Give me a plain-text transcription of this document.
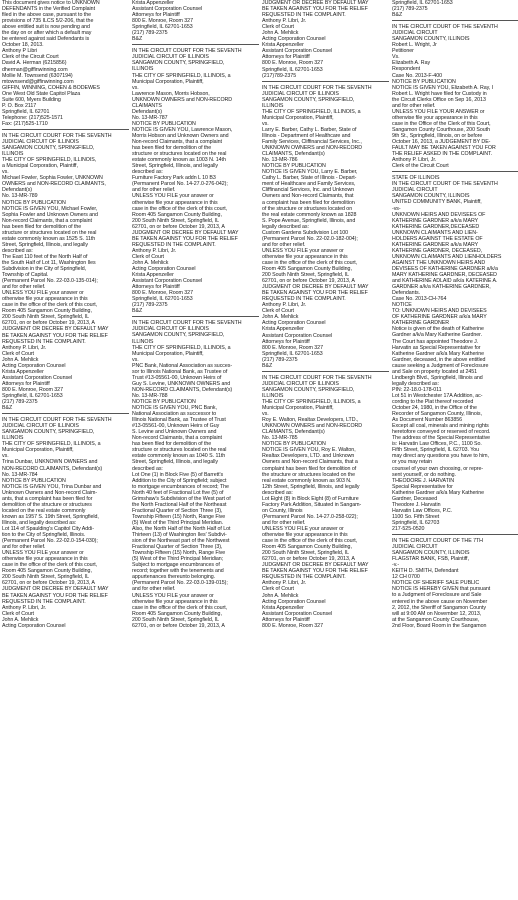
This document gives notice to UNKNOWN
DEFENDANTS in the Verified Complaint
filed in the above case, pursuant to the
provisions of 735 ILCS 5/2-206, that the
above entitled suit is now pending and
the day on or after which a default may
be entered against said Defendants is
October 18, 2013.
Anthony P Libri
Clerk of the Circuit Court
David A. Herman (6215856)
dherman@giffinwinning.com
Mollie M. Townsend (6307194)
mtownsend@giffinwinning.com
GIFFIN, WINNING, COHEN & BODEWES
One West Old State Capitol Plaza
Suite 600, Myers Building
P. O. Box 2117
Springfield, IL 62701
Telephone: (217)525-1571
Fax: (217)525-1710
IN THE CIRCUIT COURT FOR THE SEVENTH
JUDICIAL CIRCUIT OF ILLINOIS
SANGAMON COUNTY, SPRINGFIELD,
ILLINOIS
THE CITY OF SPRINGFIELD, ILLINOIS,
a Municipal Corporation, Plaintiff,
vs.
Michael Fowler, Sophia Fowler, UNKNOWN
OWNERS and NON-RECORD CLAIMANTS,
Defendant(s)
No. 13-MR-789
NOTICE BY PUBLICATION
NOTICE IS GIVEN YOU, Michael Fowler,
Sophia Fowler and Unknown Owners and
Non-record Claimants, that a complaint
has been filed for demolition of the
structure or structures located on the real
estate commonly known as 1525 S. 11th
Street, Springfield, Illinois, and legally
described as:
The East 110 feet of the North Half of
the South Half of Lot 11, Washington Iles
Subdivision in the City of Springfield,
Township of Capital.
(Permanent Parcel No. 22-03.0-135-014);
and for other relief.
UNLESS YOU FILE your answer or
otherwise file your appearance in this
case in the office of the clerk of this court,
Room 405 Sangamon County Building,
200 South Ninth Street, Springfield, IL
62701, on or before October 19, 2013, A
JUDGMENT OR DECREE BY DEFAULT MAY
BE TAKEN AGAINST YOU FOR THE RELIEF
REQUESTED IN THE COMPLAINT.
Anthony P. Libri, Jr.
Clerk of Court
John A. Mehlick
Acting Corporation Counsel
Krista Appenzeller
Assistant Corporation Counsel
Attorneys for Plaintiff
800 E. Monroe, Room 327
Springfield, IL 62701-1653
(217) 789-2375
B&Z
IN THE CIRCUIT COURT FOR THE SEVENTH
JUDICIAL CIRCUIT OF ILLINOIS
SANGAMON COUNTY, SPRINGFIELD,
ILLINOIS
THE CITY OF SPRINGFIELD, ILLINOIS, a
Municipal Corporation, Plaintiff,
vs.
Trina Dunbar, UNKNOWN OWNERS and
NON-RECORD CLAIMANTS, Defendant(s)
No. 13-MR-784
NOTICE BY PUBLICATION
NOTICE IS GIVEN YOU, Trina Dunbar and
Unknown Owners and Non-record Claim-
ants, that a complaint has been filed for
demolition of the structure or structures
located on the real estate commonly
known as 1957 S. 19th Street, Springfield,
Illinois, and legally described as:
Lot 114 of Spaulding's Capitol City Addi-
tion to the City of Springfield, Illinois.
(Permanent Parcel No. 22-02.0-154-030);
and for other relief.
UNLESS YOU FILE your answer or
otherwise file your appearance in this
case in the office of the clerk of this court,
Room 405 Sangamon County Building,
200 South Ninth Street, Springfield, IL
62701, on or before October 19, 2013, A
JUDGMENT OR DECREE BY DEFAULT MAY
BE TAKEN AGAINST YOU FOR THE RELIEF
REQUESTED IN THE COMPLAINT.
Anthony P. Libri, Jr.
Clerk of Court
John A. Mehlick
Acting Corporation Counsel
Krista Appenzeller
Assistant Corporation Counsel
Attorneys for Plaintiff
800 E. Monroe, Room 327
Springfield, IL 62701-1653
(217) 789-2375
B&Z
IN THE CIRCUIT COURT FOR THE SEVENTH
JUDICIAL CIRCUIT OF ILLINOIS
SANGAMON COUNTY, SPRINGFIELD,
ILLINOIS
THE CITY OF SPRINGFIELD, ILLINOIS, a
Municipal Corporation, Plaintiff,
vs.
Lawrence Mason, Morris Hobson,
UNKNOWN OWNERS and NON-RECORD
CLAIMANTS
Defendant(s)
No. 13-MR-787
NOTICE BY PUBLICATION
NOTICE IS GIVEN YOU, Lawrence Mason,
Morris Hobson and Unknown Owners and
Non-record Claimants, that a complaint
has been filed for demolition of the
structure or structures located on the real
estate commonly known as 1003 N. 14th
Street, Springfield, Illinois, and legally
described as:
Furniture Factory Park addn L 10 B3
(Permanent Parcel No. 14-27.0-276-042);
and for other relief.
UNLESS YOU FILE your answer or
otherwise file your appearance in this
case in the office of the clerk of this court,
Room 405 Sangamon County Building,
200 South Ninth Street, Springfield, IL
62701, on or before October 19, 2013, A
JUDGMENT OR DECREE BY DEFAULT MAY
BE TAKEN AGAINST YOU FOR THE RELIEF
REQUESTED IN THE COMPLAINT.
Anthony P. Libri, Jr.
Clerk of Court
John A. Mehlick
Acting Corporation Counsel
Krista Appenzeller
Assistant Corporation Counsel
Attorneys for Plaintiff
800 E. Monroe, Room 327
Springfield, IL 62701-1653
(217) 789-2375
B&Z
IN THE CIRCUIT COURT FOR THE SEVENTH
JUDICIAL CIRCUIT OF ILLINOIS
SANGAMON COUNTY, SPRINGFIELD,
ILLINOIS
THE CITY OF SPRINGFIELD, ILLINOIS, a
Municipal Corporation, Plaintiff,
vs.
PNC Bank, National Association as succes-
sor to Illinois National Bank, as Trustee of
Trust #13-05561-00, Unknown Heirs of
Guy S. Levine, UNKNOWN OWNERS and
NON-RECORD CLAIMANTS, Defendant(s)
No. 13-MR-788
NOTICE BY PUBLICATION
NOTICE IS GIVEN YOU, PNC Bank,
National Association as successor to
Illinois National Bank, as Trustee of Trust
#13-05561-00, Unknown Heirs of Guy
S. Levine and Unknown Owners and
Non-record Claimants, that a complaint
has been filed for demolition of the
structure or structures located on the real
estate commonly known as 1040 S. 11th
Street, Springfield, Illinois, and legally
described as:
Lot One (1) in Block Five (5) of Barrett's
Addition to the City of Springfield; subject
to mortgage encumbrances of record; The
North 40 feet of Fractional Lot five (5) of
Grimshaw's Subdivision of the West part of
the North Fractional Half of the Northeast
Fractional Quarter of Section Three (3),
Township Fifteen (15) North, Range Five
(5) West of the Third Principal Meridian.
Also, the North Half of the North Half of Lot
Thirteen (13) of Washington Iles' Subdivi-
sion of the Northeast part of the Northwest
Fractional Quarter of Section Three (3),
Township Fifteen (15) North, Range Five
(5) West of the Third Principal Meridian;
Subject to mortgage encumbrances of
record; together with the tenements and
appurtenances thereunto belonging.
(Permanent Parcel No. 22-03.0-139-015);
and for other relief.
UNLESS YOU FILE your answer or
otherwise file your appearance in this
case in the office of the clerk of this court,
Room 405 Sangamon County Building,
200 South Ninth Street, Springfield, IL
62701, on or before October 19, 2013, A
JUDGMENT OR DECREE BY DEFAULT MAY
BE TAKEN AGAINST YOU FOR THE RELIEF
REQUESTED IN THE COMPLAINT.
Anthony P. Libri, Jr.
Clerk of Court
John A. Mehlick
Acting Corporation Counsel
Krista Appenzeller
Assistant Corporation Counsel
Attorneys for Plaintiff
800 E. Monroe, Room 327
Springfield, IL 62701-1653
(217)789-2375
IN THE CIRCUIT COURT FOR THE SEVENTH
JUDICIAL CIRCUIT OF ILLINOIS
SANGAMON COUNTY, SPRINGFIELD,
ILLINOIS
THE CITY OF SPRINGFIELD, ILLINOIS, a
Municipal Corporation, Plaintiff,
vs.
Larry E. Barber, Cathy L. Barber, State of
Illinois - Department of Healthcare and
Family Services, Cliffinancial Services, Inc.,
UNKNOWN OWNERS and NON-RECORD
CLAIMANTS, Defendant(s)
No. 13-MR-786
NOTICE BY PUBLICATION
NOTICE IS GIVEN YOU, Larry E. Barber,
Cathy L. Barber, State of Illinois - Depart-
ment of Healthcare and Family Services,
Cliffinancial Services, Inc. and Unknown
Owners and Non-record Claimants, that
a complaint has been filed for demolition
of the structure or structures located on
the real estate commonly known as 1828
S. Pope Avenue, Springfield, Illinois, and
legally described as:
Custom Gardens Subdivision Lot 100
(Permanent Parcel No. 22-02.0-182-004);
and for other relief.
UNLESS YOU FILE your answer or
otherwise file your appearance in this
case in the office of the clerk of this court,
Room 405 Sangamon County Building,
200 South Ninth Street, Springfield, IL
62701, on or before October 19, 2013, A
JUDGMENT OR DECREE BY DEFAULT MAY
BE TAKEN AGAINST YOU FOR THE RELIEF
REQUESTED IN THE COMPLAINT.
Anthony P. Libri, Jr.
Clerk of Court
John A. Mehlick
Acting Corporation Counsel
Krista Appenzeller
Assistant Corporation Counsel
Attorneys for Plaintiff
800 E. Monroe, Room 327
Springfield, IL 62701-1653
(217) 789-2375
B&Z
IN THE CIRCUIT COURT FOR THE SEVENTH
JUDICIAL CIRCUIT OF ILLINOIS
SANGAMON COUNTY, SPRINGFIELD,
ILLINOIS
THE CITY OF SPRINGFIELD, ILLINOIS, a
Municipal Corporation, Plaintiff,
vs.
Roy E. Walton, Realtax Developers, LTD.,
UNKNOWN OWNERS and NON-RECORD
CLAIMANTS, Defendant(s)
No. 13-MR-785
NOTICE BY PUBLICATION
NOTICE IS GIVEN YOU, Roy E. Walton,
Realtax Developers, LTD. and Unknown
Owners and Non-record Claimants, that a
complaint has been filed for demolition of
the structure or structures located on the
real estate commonly known as 903 N.
12th Street, Springfield, Illinois, and legally
described as:
Lot Eight (8) in Block Eight (8) of Furniture
Factory Park Addition, Situated in Sangam-
on County, Illinois
(Permanent Parcel No. 14-27.0-258-022);
and for other relief.
UNLESS YOU FILE your answer or
otherwise file your appearance in this
case in the office of the clerk of this court,
Room 405 Sangamon County Building,
200 South Ninth Street, Springfield, IL
62701, on or before October 19, 2013, A
JUDGMENT OR DECREE BY DEFAULT MAY
BE TAKEN AGAINST YOU FOR THE RELIEF
REQUESTED IN THE COMPLAINT.
Anthony P. Libri, Jr.
Clerk of Court
John A. Mehlick
Acting Corporation Counsel
Krista Appenzeller
Assistant Corporation Counsel
Attorneys for Plaintiff
800 E. Monroe, Room 327
Springfield, IL 62701-1653
(217) 789-2375
B&Z
IN THE CIRCUIT COURT OF THE SEVENTH
JUDICIAL CIRCUIT
SANGAMON COUNTY, ILLINOIS
Robert L. Wright, Jr
Petitioner
Vs.
Elizabeth A. Ray
Respondent
Case No. 2013-F-400
NOTICE BY PUBLICATION
NOTICE IS GIVEN YOU, Elizabeth A. Ray, I
Robert L. Wright have filed for Custody in
the Circuit Clerks Office on Sep 16, 2013
and for other relief.
UNLESS YOU FILE YOUR ANSWER or
otherwise file your appearance in this
case in the Office of the Clerk of this Court,
Sangamon County Courthouse, 200 South
9th St., Springfield, Illinois, on or before
October 16, 2013, a JUDGEMENT BY DE-
FAULT MAY BE TAKEN AGAINST YOU FOR
THE RELIEF ASKED IN THE COMPLAINT.
Anthony P. Libri, Jr.
Clerk of the Circuit Court
STATE OF ILLINOIS
IN THE CIRCUIT COURT OF THE SEVENTH
JUDICIAL CIRCUIT
SANGAMON COUNTY, ILLINOIS
UNITED COMMUNITY BANK, Plaintiff,
-vs-
UNKNOWN HEIRS AND DEVISEES OF
KATHERINE GARDNER a/k/a MARY
KATHERINE GARDNER,DECEASED
UNKNOWN CLAIMANTS AND LIEN-
HOLDERS AGAINST THE ESTATE OF
KATHERINE GARDNER a/k/a MARY
KATHERINE GARDNER, DECEASED,
UNKNOWN CLAIMANTS AND LIENHOLDERS
AGAINST THE UNKNOWN HEIRS AND
DEVISEES OF KATHERINE GARDNER a/k/a
MARY KATHERINE GARDNER, DECEASED
and KATHERINE ADLAID a/k/a KATERINE A.
GARDNER a/k/a KATHERINE GARDNER,
Defendants.
Case No. 2013-CH-764
NOTICE
TO: UNKNOWN HEIRS AND DEVISEES
OF KATHERINE GARDNER a/k/a MARY
KATHERINE GARDNER
Notice is given of the death of Katherine
Gardner a/k/a Mary Katherine Gardner.
The Court has appointed Theodore J.
Harvatin as Special Representative for
Katherine Gardner a/k/a Mary Katherine
Gardner, deceased, in the above entitled
cause seeking a Judgment of Foreclosure
and Sale on property located at 2451
Lindbergh Blvd., Springfield, Illinois and
legally described as:
PIN: 22-18.0-178-011
Lot 51 in Westchester 17A Addition, ac-
cording to the Plat thereof recorded
October 24, 1980, in the Office of the
Recorder of Sangamon County, Illinois,
As Document Number 863856
Except all coal, minerals and mining rights
heretofore conveyed or reserved of record.
The address of the Special Representative
is: Harvatin Law Offices, P.C., 1100 So.
Fifth Street, Springfield, IL 62703. You
may direct any questions you have to him,
or you may retain
counsel of your own choosing, or repre-
sent yourself, or do nothing.
THEODORE J. HARVATIN
Special Representative for
Katherine Gardner a/k/a Mary Katherine
Gardner, Deceased
Theodore J. Harvatin
Harvatin Law Offices, P.C.
1100 So. Fifth Street
Springfield, IL 62703
217-525-0520
IN THE CIRCUIT COURT OF THE 7TH
JUDICIAL CIRCUIT
SANGAMON COUNTY, ILLINOIS
FLAGSTAR BANK, FSB, Plaintiff,
-v.-
KEITH D. SMITH, Defendant
12 CH 0700
NOTICE OF SHERIFF SALE PUBLIC
NOTICE IS HEREBY GIVEN that pursuant
to a Judgment of Foreclosure and Sale
entered in the above cause on November
2, 2012, the Sheriff of Sangamon County
will at 9:00 AM on November 12, 2013,
at the Sangamon County Courthouse,
2nd Floor, Board Room in the Sangamon
